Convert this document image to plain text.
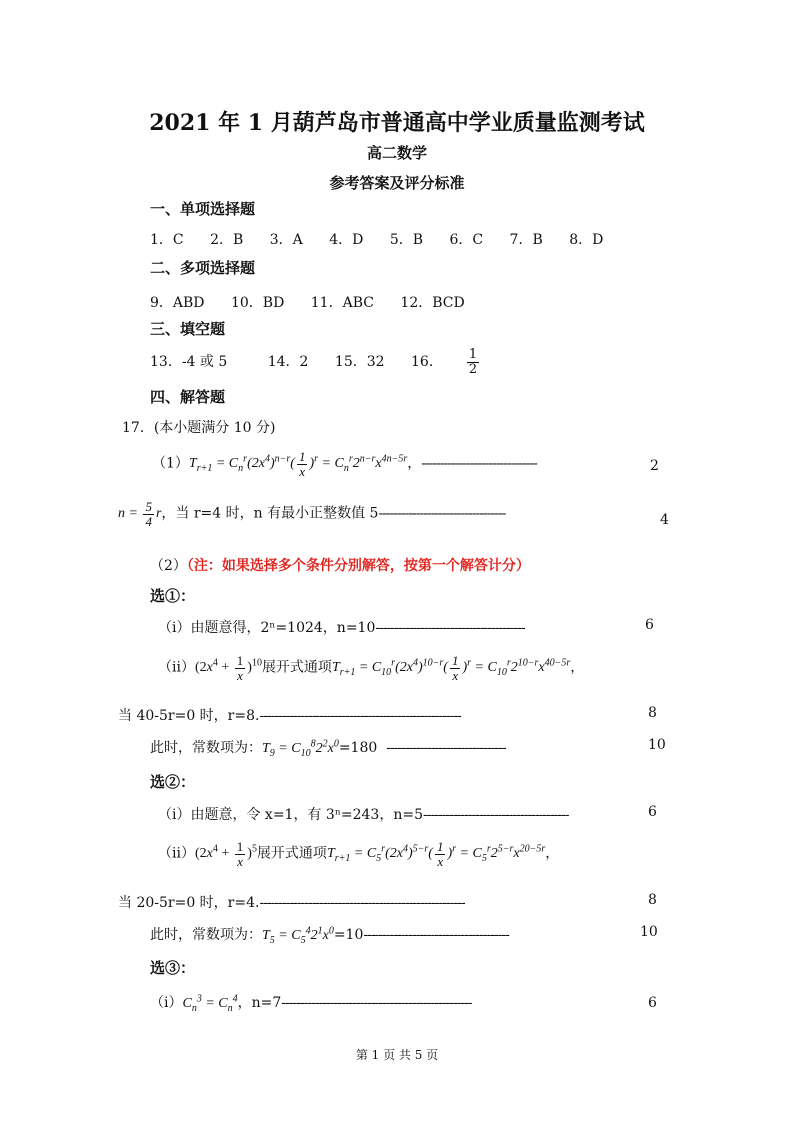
2021 年 1 月葫芦岛市普通高中学业质量监测考试
高二数学
参考答案及评分标准
一、单项选择题
1．C 2．B 3．A 4．D 5．B 6．C 7．B 8．D
二、多项选择题
9．ABD 10．BD 11．ABC 12．BCD
三、填空题
13．-4 或 5	14．2 15．32 16． $\frac{1}{2}$
四、解答题
17．(本小题满分 10 分)
$(1)T_{r+1} = C_n^r(2x^4)^{n-r}( \frac{1}{x} )^r = C_n^r2^{n-r}x^{4n-5r}$，-------------------------------	2
$n = \frac{5}{4}$ r，当 r=4 时，n 有最小正整数值 5----------------------------------	4
（2）（注：如果选择多个条件分别解答，按第一个解答计分）
选①：
（i）由题意得，2ⁿ=1024，n=10----------------------------------------	6
$(ii)(2x^4 + \frac{1}{x} )^{10}$展开式通项$T_{r+1} = C_{10}^r(2x^4)^{10-r}( \frac{1}{x} )^r = C_{10}^r2^{10-r}x^{40-5r}$，
当 40-5r=0 时，r=8.------------------------------------------------------	8
此时，常数项为：$T_9 = C_{10}^82^2x^0=180$ --------------------------------	10
选②：
（i）由题意，令 x=1，有 3ⁿ=243，n=5---------------------------------------	6
$(ii)(2x^4 + \frac{1}{x} )^5$展开式通项$T_{r+1} = C_5^r(2x^4)^{5-r}( \frac{1}{x} )^r = C_5^r2^{5-r}x^{20-5r}$，
当 20-5r=0 时，r=4.-------------------------------------------------------	8
此时，常数项为：$T_5 = C_5^42^1x^0=10---------------------------------------$	10
选③：
$(i)C_n^3 = C_n^4$，n=7---------------------------------------------------	6
第 1 页 共 5 页
